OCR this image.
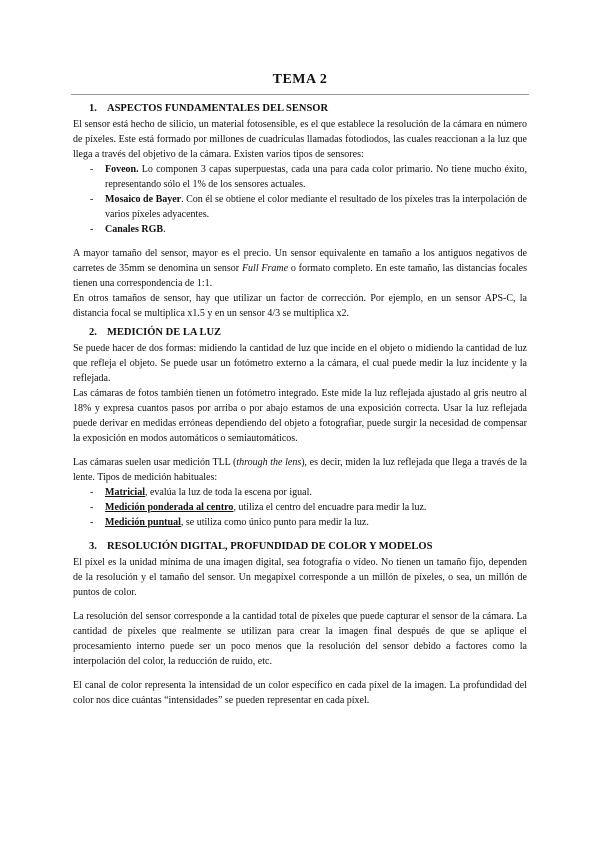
TEMA 2
1. ASPECTOS FUNDAMENTALES DEL SENSOR

El sensor está hecho de silicio, un material fotosensible, es el que establece la resolución de la cámara en número de píxeles. Este está formado por millones de cuadrículas llamadas fotodiodos, las cuales reaccionan a la luz que llega a través del objetivo de la cámara. Existen varios tipos de sensores:

- Foveon. Lo componen 3 capas superpuestas, cada una para cada color primario. No tiene mucho éxito, representando sólo el 1% de los sensores actuales.
- Mosaico de Bayer. Con él se obtiene el color mediante el resultado de los píxeles tras la interpolación de varios píxeles adyacentes.
- Canales RGB.

A mayor tamaño del sensor, mayor es el precio. Un sensor equivalente en tamaño a los antiguos negativos de carretes de 35mm se denomina un sensor Full Frame o formato completo. En este tamaño, las distancias focales tienen una correspondencia de 1:1.

En otros tamaños de sensor, hay que utilizar un factor de corrección. Por ejemplo, en un sensor APS-C, la distancia focal se multiplica x1.5 y en un sensor 4/3 se multiplica x2.

2. MEDICIÓN DE LA LUZ

Se puede hacer de dos formas: midiendo la cantidad de luz que incide en el objeto o midiendo la cantidad de luz que refleja el objeto. Se puede usar un fotómetro externo a la cámara, el cual puede medir la luz incidente y la reflejada.

Las cámaras de fotos también tienen un fotómetro integrado. Este mide la luz reflejada ajustado al gris neutro al 18% y expresa cuantos pasos por arriba o por abajo estamos de una exposición correcta. Usar la luz reflejada puede derivar en medidas erróneas dependiendo del objeto a fotografiar, puede surgir la necesidad de compensar la exposición en modos automáticos o semiautomáticos.

Las cámaras suelen usar medición TLL (through the lens), es decir, miden la luz reflejada que llega a través de la lente. Tipos de medición habituales:

- Matricial, evalúa la luz de toda la escena por igual.
- Medición ponderada al centro, utiliza el centro del encuadre para medir la luz.
- Medición puntual, se utiliza como único punto para medir la luz.
3. RESOLUCIÓN DIGITAL, PROFUNDIDAD DE COLOR Y MODELOS

El píxel es la unidad mínima de una imagen digital, sea fotografía o vídeo. No tienen un tamaño fijo, dependen de la resolución y el tamaño del sensor. Un megapíxel corresponde a un millón de píxeles, o sea, un millón de puntos de color.

La resolución del sensor corresponde a la cantidad total de píxeles que puede capturar el sensor de la cámara. La cantidad de píxeles que realmente se utilizan para crear la imagen final después de que se aplique el procesamiento interno puede ser un poco menos que la resolución del sensor debido a factores como la interpolación del color, la reducción de ruido, etc.

El canal de color representa la intensidad de un color específico en cada píxel de la imagen. La profundidad del color nos dice cuántas “intensidades” se pueden representar en cada píxel.
